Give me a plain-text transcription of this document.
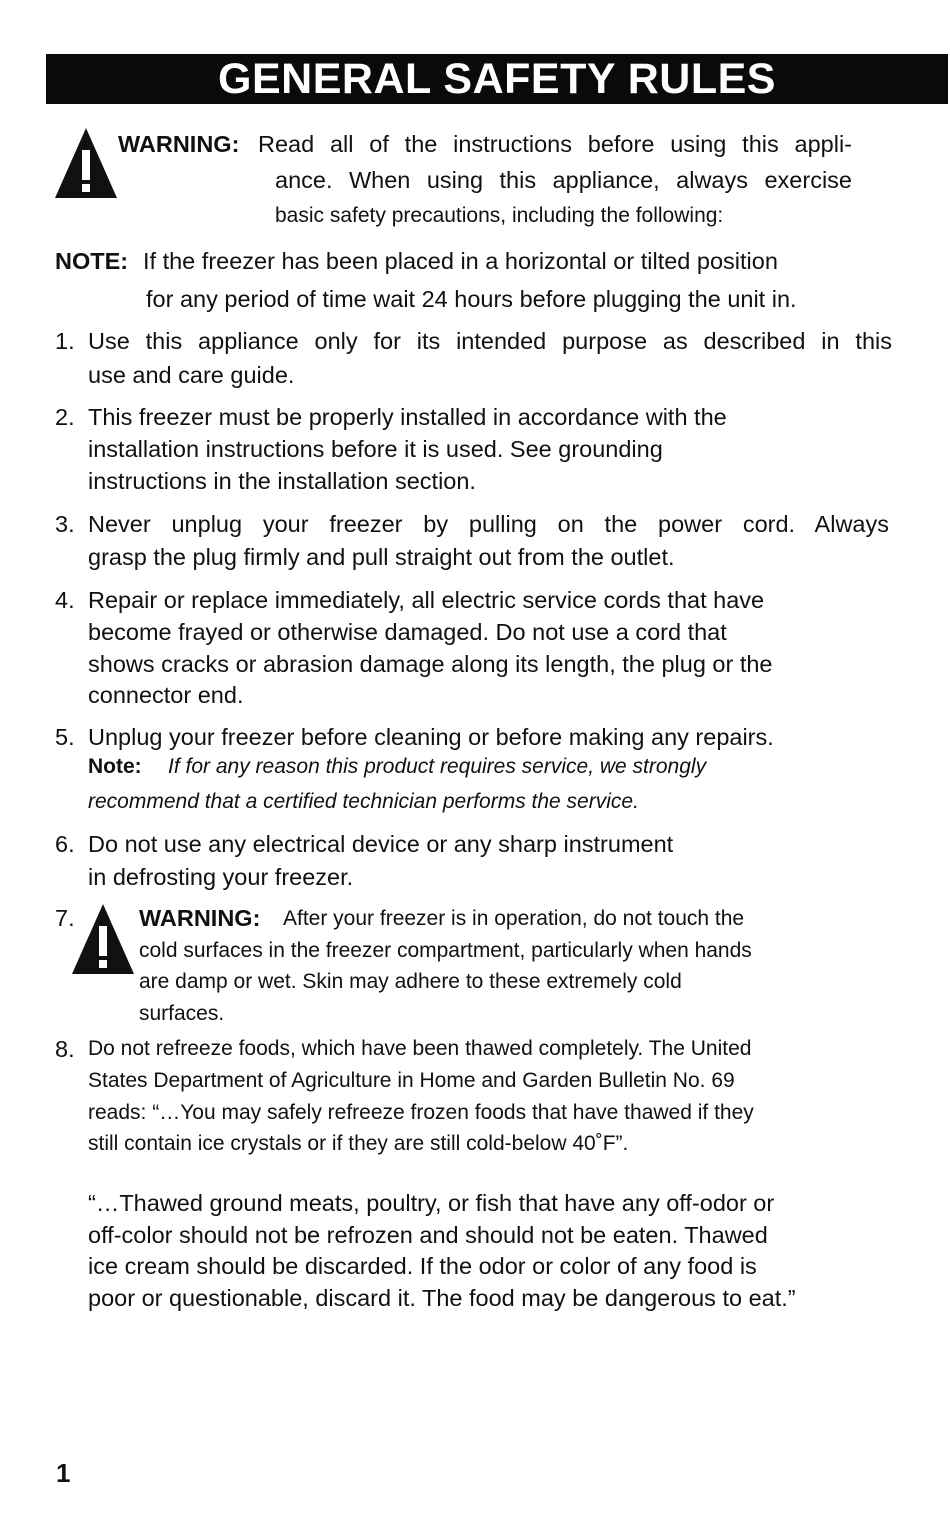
GENERAL SAFETY RULES
WARNING: Read all of the instructions before using this appli-
ance. When using this appliance, always exercise
basic safety precautions, including the following:
NOTE: If the freezer has been placed in a horizontal or tilted position
for any period of time wait 24 hours before plugging the unit in.
1. Use this appliance only for its intended purpose as described in this
use and care guide.
2. This freezer must be properly installed in accordance with the
installation instructions before it is used. See grounding
instructions in the installation section.
3. Never unplug your freezer by pulling on the power cord. Always
grasp the plug firmly and pull straight out from the outlet.
4. Repair or replace immediately, all electric service cords that have
become frayed or otherwise damaged. Do not use a cord that
shows cracks or abrasion damage along its length, the plug or the
connector end.
5. Unplug your freezer before cleaning or before making any repairs.
Note: If for any reason this product requires service, we strongly
recommend that a certified technician performs the service.
6. Do not use any electrical device or any sharp instrument
in defrosting your freezer.
7.	WARNING: After your freezer is in operation, do not touch the
cold surfaces in the freezer compartment, particularly when hands
are damp or wet. Skin may adhere to these extremely cold
surfaces.
8. Do not refreeze foods, which have been thawed completely. The United
States Department of Agriculture in Home and Garden Bulletin No. 69
reads: “…You may safely refreeze frozen foods that have thawed if they
still contain ice crystals or if they are still cold-below 40˚F”.
“…Thawed ground meats, poultry, or fish that have any off-odor or
off-color should not be refrozen and should not be eaten. Thawed
ice cream should be discarded. If the odor or color of any food is
poor or questionable, discard it. The food may be dangerous to eat.”
1
